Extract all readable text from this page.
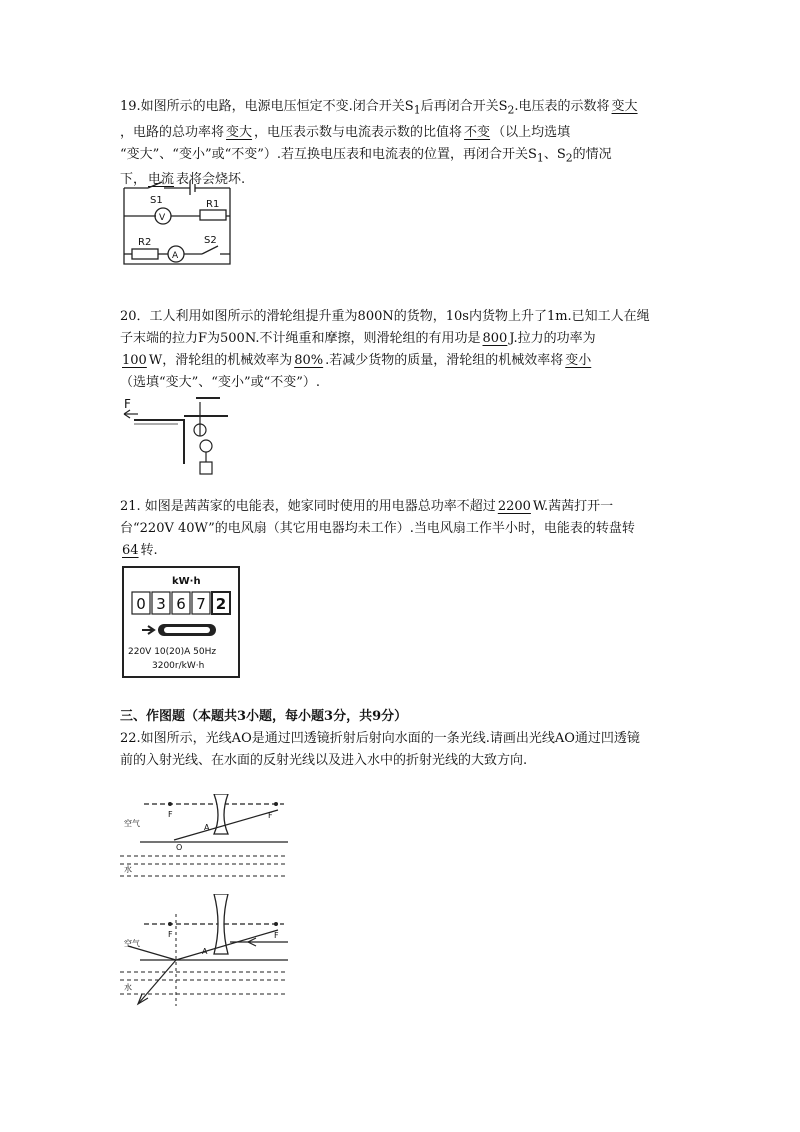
19.如图所示的电路，电源电压恒定不变.闭合开关$S_1$后再闭合开关$S_2$.电压表的示数将 变大
，电路的总功率将 变大 ，电压表示数与电流表示数的比值将 不变 （以上均选填
“变大”、“变小”或“不变”）.若互换电压表和电流表的位置，再闭合开关$S_1$、$S_2$的情况
下， 电流 表将会烧坏.
S1
V
R1
R2
A
S2
20．工人利用如图所示的滑轮组提升重为800N的货物，10s内货物上升了1m.已知工人在绳
子末端的拉力F为500N.不计绳重和摩擦，则滑轮组的有用功是 800 J.拉力的功率为
100 W，滑轮组的机械效率为 80% .若减少货物的质量，滑轮组的机械效率将 变小
（选填“变大”、“变小”或“不变”）.
F
21. 如图是茜茜家的电能表，她家同时使用的用电器总功率不超过 2200 W.茜茜打开一
台“220V 40W”的电风扇（其它用电器均未工作）.当电风扇工作半小时，电能表的转盘转
64 转.
kW·h
0 3 6 7 2
220V 10(20)A 50Hz
3200r/kW·h
三、作图题（本题共3小题，每小题3分，共9分）
22.如图所示，光线AO是通过凹透镜折射后射向水面的一条光线.请画出光线AO通过凹透镜
前的入射光线、在水面的反射光线以及进入水中的折射光线的大致方向.
F	F
A
O
空气
水
F	F
A
空气
水
